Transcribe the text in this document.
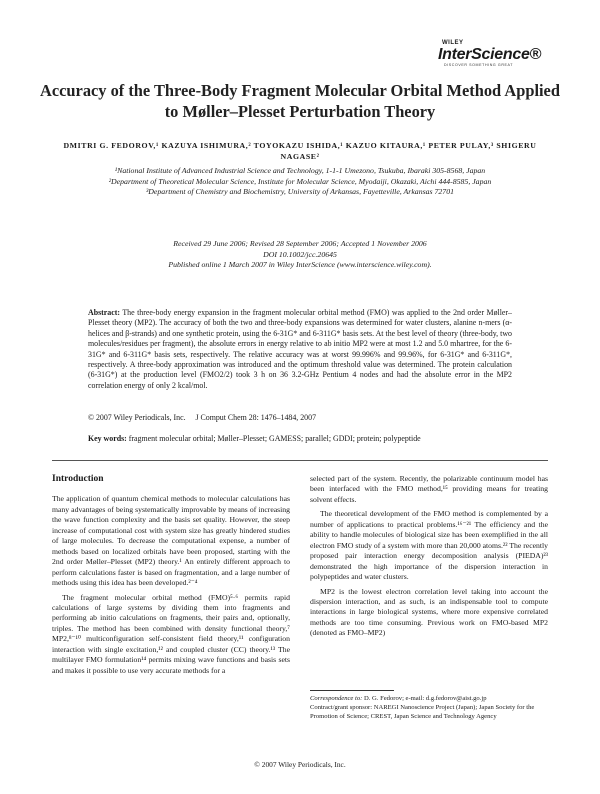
WILEY
InterScience®
DISCOVER SOMETHING GREAT
Accuracy of the Three-Body Fragment Molecular Orbital Method Applied to Møller–Plesset Perturbation Theory
DMITRI G. FEDOROV,¹ KAZUYA ISHIMURA,² TOYOKAZU ISHIDA,¹ KAZUO KITAURA,¹ PETER PULAY,³ SHIGERU NAGASE²

¹National Institute of Advanced Industrial Science and Technology, 1-1-1 Umezono, Tsukuba, Ibaraki 305-8568, Japan

²Department of Theoretical Molecular Science, Institute for Molecular Science, Myodaiji, Okazaki, Aichi 444-8585, Japan

³Department of Chemistry and Biochemistry, University of Arkansas, Fayetteville, Arkansas 72701

Received 29 June 2006; Revised 28 September 2006; Accepted 1 November 2006

DOI 10.1002/jcc.20645

Published online 1 March 2007 in Wiley InterScience (www.interscience.wiley.com).

Abstract: The three-body energy expansion in the fragment molecular orbital method (FMO) was applied to the 2nd order Møller–Plesset theory (MP2). The accuracy of both the two and three-body expansions was determined for water clusters, alanine n-mers (α-helices and β-strands) and one synthetic protein, using the 6-31G* and 6-311G* basis sets. At the best level of theory (three-body, two molecules/residues per fragment), the absolute errors in energy relative to ab initio MP2 were at most 1.2 and 5.0 mhartree, for the 6-31G* and 6-311G* basis sets, respectively. The relative accuracy was at worst 99.996% and 99.96%, for 6-31G* and 6-311G*, respectively. A three-body approximation was introduced and the optimum threshold value was determined. The protein calculation (6-31G*) at the production level (FMO2/2) took 3 h on 36 3.2-GHz Pentium 4 nodes and had the absolute error in the MP2 correlation energy of only 2 kcal/mol.
© 2007 Wiley Periodicals, Inc. J Comput Chem 28: 1476–1484, 2007
Key words: fragment molecular orbital; Møller–Plesset; GAMESS; parallel; GDDI; protein; polypeptide
Introduction

The application of quantum chemical methods to molecular calculations has many advantages of being systematically improvable by means of increasing the wave function complexity and the basis set quality. However, the steep increase of computational cost with system size has greatly hindered studies of large molecules. To decrease the computational expense, a number of methods based on localized orbitals have been proposed, starting with the 2nd order Møller–Plesset (MP2) theory.¹ An entirely different approach to perform calculations faster is based on fragmentation, and a large number of methods using this idea has been developed.²⁻⁴

The fragment molecular orbital method (FMO)⁵·⁶ permits rapid calculations of large systems by dividing them into fragments and performing ab initio calculations on fragments, their pairs and, optionally, triples. The method has been combined with density functional theory,⁷ MP2,⁸⁻¹⁰ multiconfiguration self-consistent field theory,¹¹ configuration interaction with single excitation,¹² and coupled cluster (CC) theory.¹³ The multilayer FMO formulation¹⁴ permits mixing wave functions and basis sets and makes it possible to use very accurate methods for a

selected part of the system. Recently, the polarizable continuum model has been interfaced with the FMO method,¹⁵ providing means for treating solvent effects.

The theoretical development of the FMO method is complemented by a number of applications to practical problems.¹⁶⁻²¹ The efficiency and the ability to handle molecules of biological size has been exemplified in the all electron FMO study of a system with more than 20,000 atoms.²² The recently proposed pair interaction energy decomposition analysis (PIEDA)²³ demonstrated the high importance of the dispersion interaction in polypeptides and water clusters.

MP2 is the lowest electron correlation level taking into account the dispersion interaction, and as such, is an indispensable tool to compute interactions in large biological systems, where more expensive correlated methods are too time consuming. Previous work on FMO-based MP2 (denoted as FMO–MP2)

Correspondence to: D. G. Fedorov; e-mail: d.g.fedorov@aist.go.jp

Contract/grant sponsor: NAREGI Nanoscience Project (Japan); Japan Society for the Promotion of Science; CREST, Japan Science and Technology Agency

© 2007 Wiley Periodicals, Inc.
